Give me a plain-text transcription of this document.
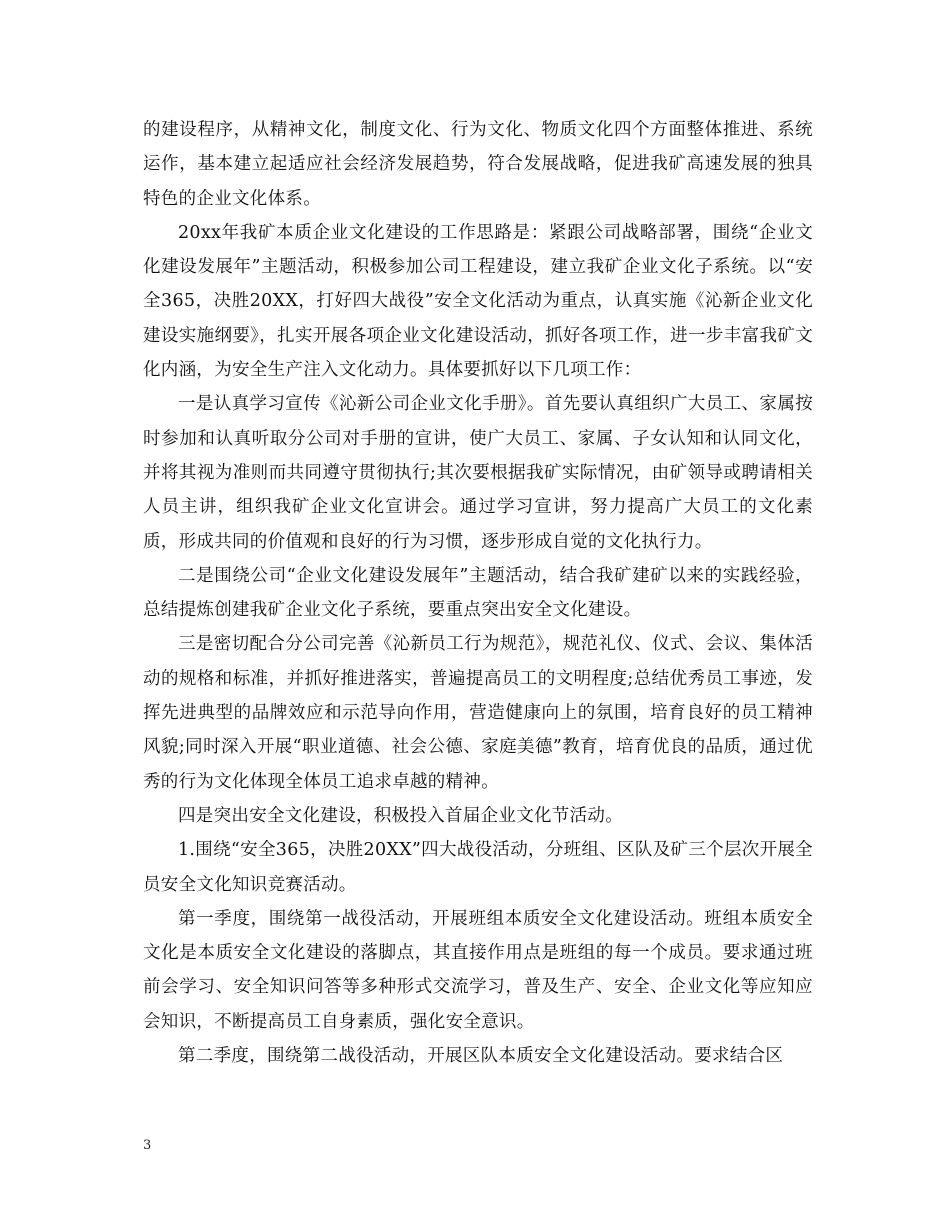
的建设程序，从精神文化，制度文化、行为文化、物质文化四个方面整体推进、系统运作，基本建立起适应社会经济发展趋势，符合发展战略，促进我矿高速发展的独具特色的企业文化体系。

20xx年我矿本质企业文化建设的工作思路是：紧跟公司战略部署，围绕“企业文化建设发展年”主题活动，积极参加公司工程建设，建立我矿企业文化子系统。以“安全365，决胜20XX，打好四大战役”安全文化活动为重点，认真实施《沁新企业文化建设实施纲要》，扎实开展各项企业文化建设活动，抓好各项工作，进一步丰富我矿文化内涵，为安全生产注入文化动力。具体要抓好以下几项工作：

一是认真学习宣传《沁新公司企业文化手册》。首先要认真组织广大员工、家属按时参加和认真听取分公司对手册的宣讲，使广大员工、家属、子女认知和认同文化，并将其视为准则而共同遵守贯彻执行;其次要根据我矿实际情况，由矿领导或聘请相关人员主讲，组织我矿企业文化宣讲会。通过学习宣讲，努力提高广大员工的文化素质，形成共同的价值观和良好的行为习惯，逐步形成自觉的文化执行力。

二是围绕公司“企业文化建设发展年”主题活动，结合我矿建矿以来的实践经验，总结提炼创建我矿企业文化子系统，要重点突出安全文化建设。

三是密切配合分公司完善《沁新员工行为规范》，规范礼仪、仪式、会议、集体活动的规格和标准，并抓好推进落实，普遍提高员工的文明程度;总结优秀员工事迹，发挥先进典型的品牌效应和示范导向作用，营造健康向上的氛围，培育良好的员工精神风貌;同时深入开展“职业道德、社会公德、家庭美德”教育，培育优良的品质，通过优秀的行为文化体现全体员工追求卓越的精神。

四是突出安全文化建设，积极投入首届企业文化节活动。

1.围绕“安全365，决胜20XX”四大战役活动，分班组、区队及矿三个层次开展全员安全文化知识竞赛活动。

第一季度，围绕第一战役活动，开展班组本质安全文化建设活动。班组本质安全文化是本质安全文化建设的落脚点，其直接作用点是班组的每一个成员。要求通过班前会学习、安全知识问答等多种形式交流学习，普及生产、安全、企业文化等应知应会知识，不断提高员工自身素质，强化安全意识。

第二季度，围绕第二战役活动，开展区队本质安全文化建设活动。要求结合区

3
